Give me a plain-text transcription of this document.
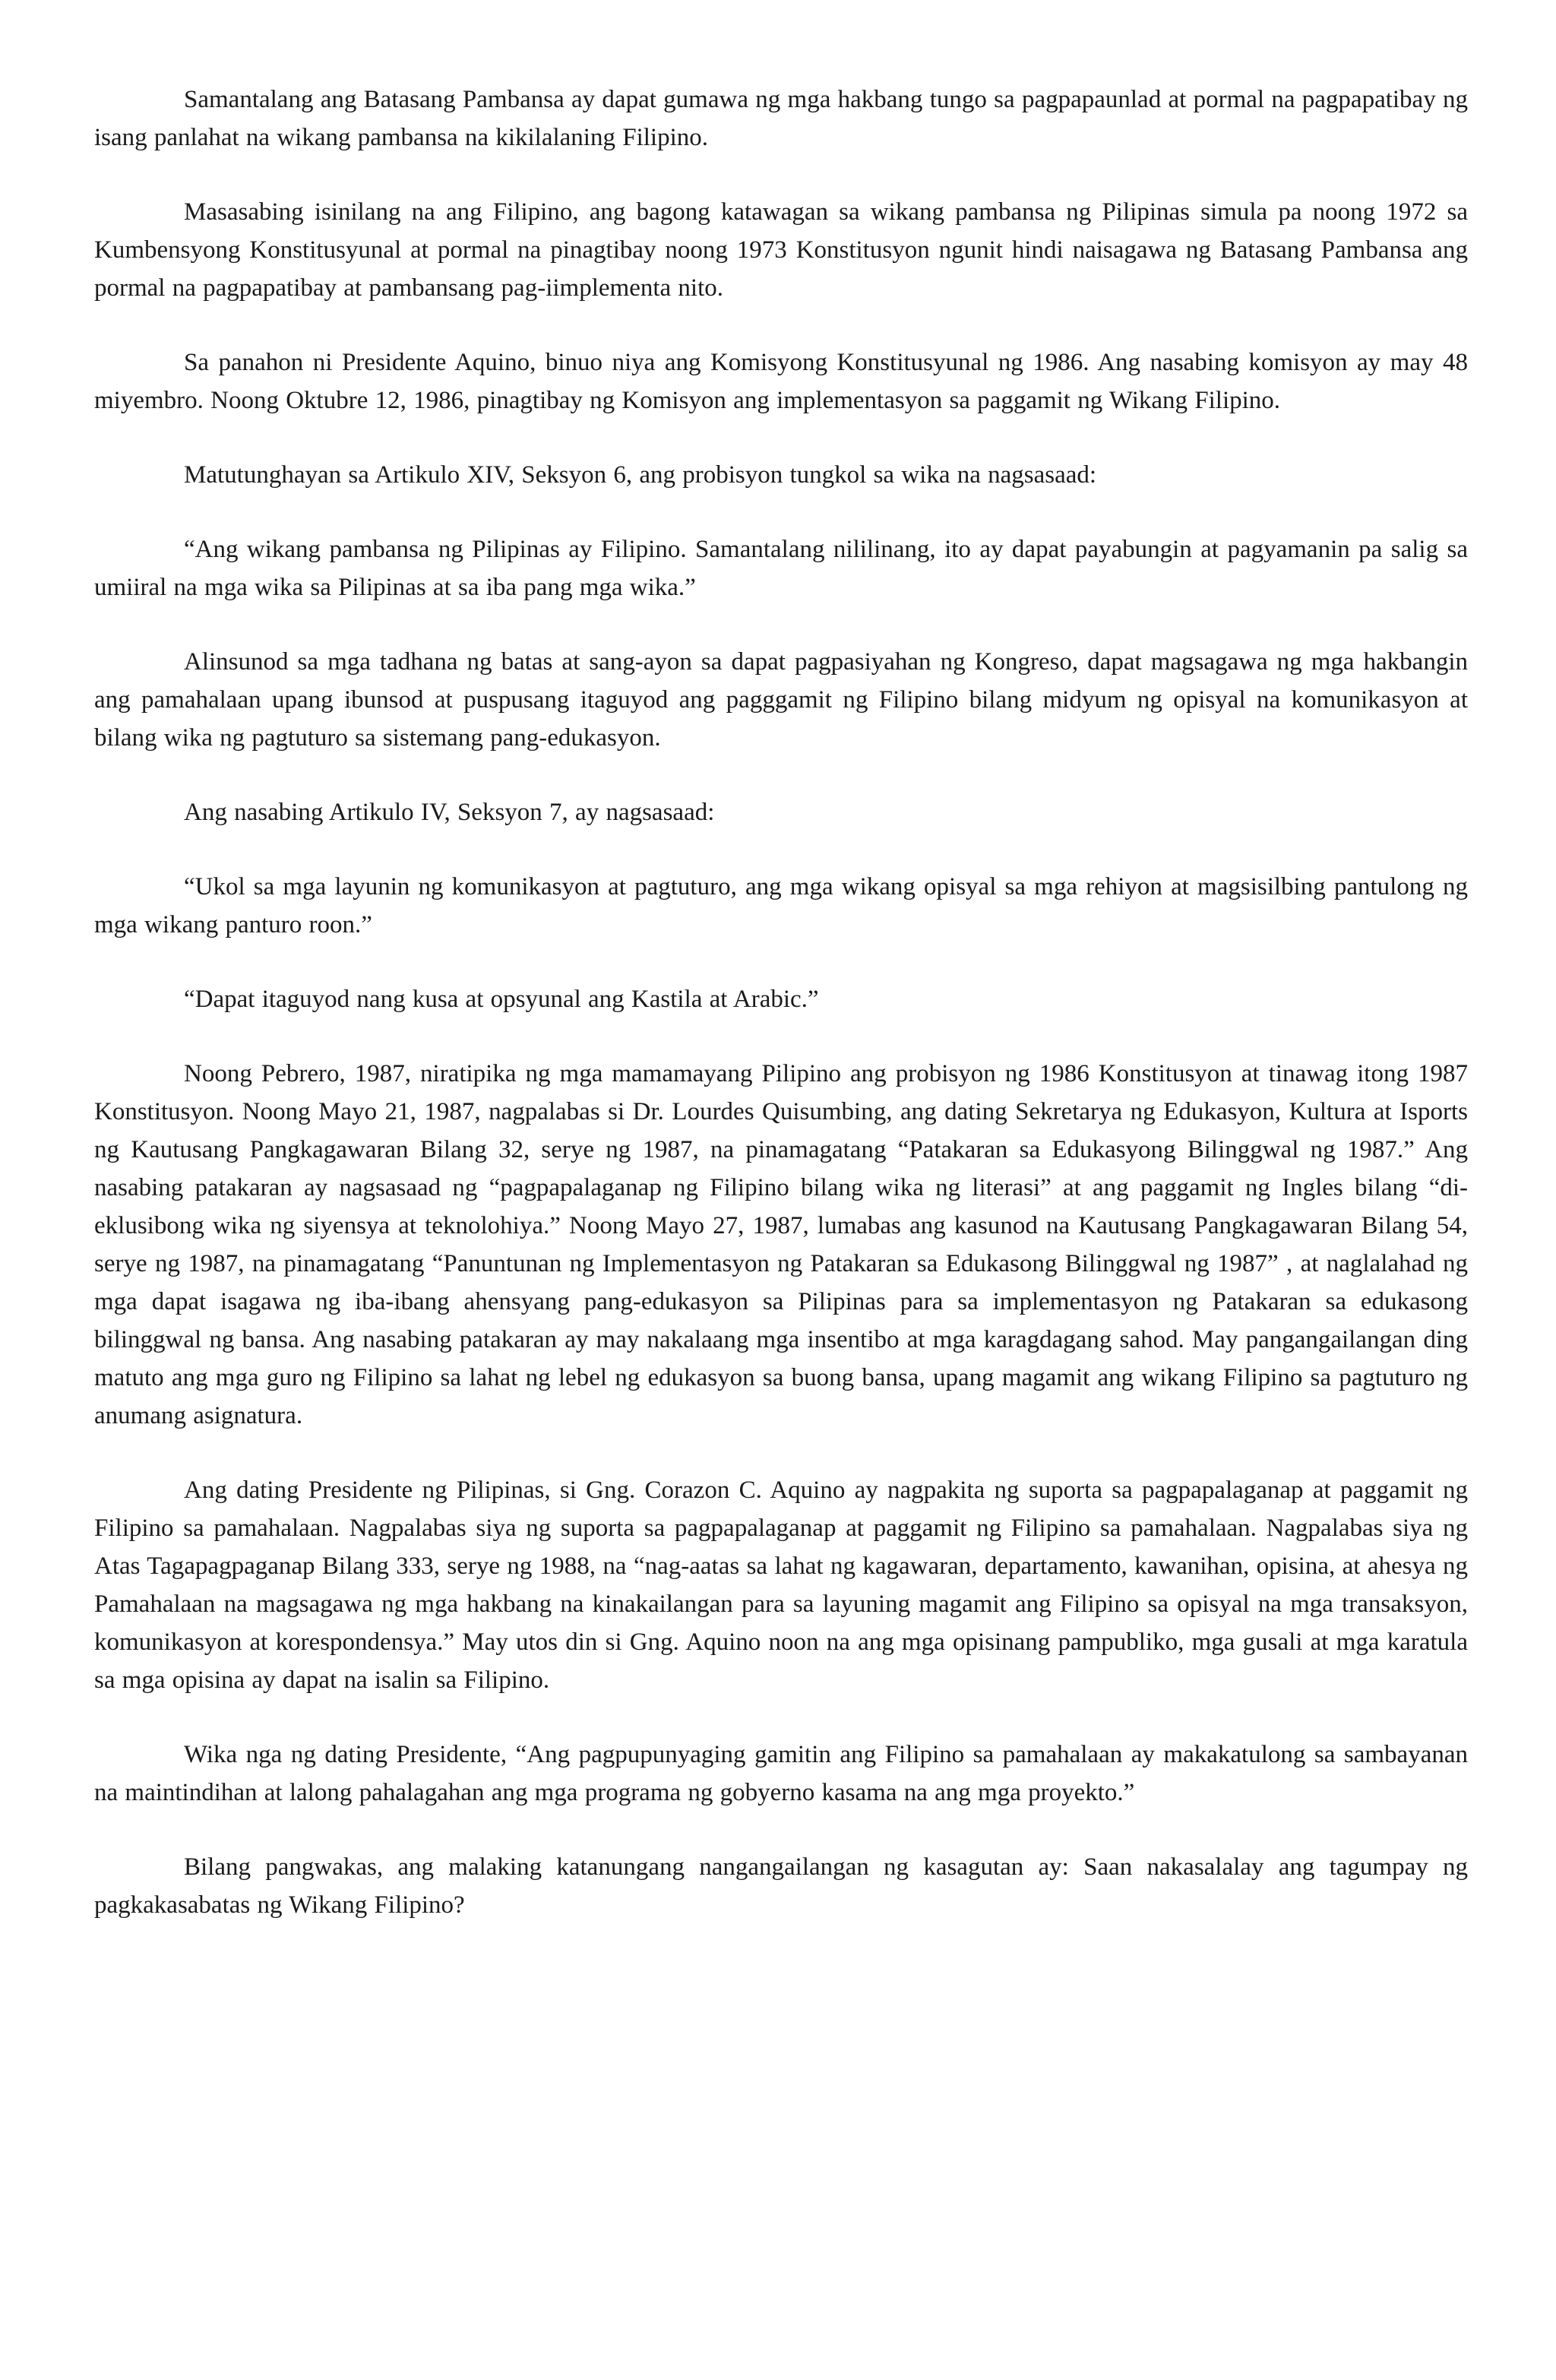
Samantalang ang Batasang Pambansa ay dapat gumawa ng mga hakbang tungo sa pagpapaunlad at pormal na pagpapatibay ng isang panlahat na wikang pambansa na kikilalaning Filipino.

Masasabing isinilang na ang Filipino, ang bagong katawagan sa wikang pambansa ng Pilipinas simula pa noong 1972 sa Kumbensyong Konstitusyunal at pormal na pinagtibay noong 1973 Konstitusyon ngunit hindi naisagawa ng Batasang Pambansa ang pormal na pagpapatibay at pambansang pag-iimplementa nito.

Sa panahon ni Presidente Aquino, binuo niya ang Komisyong Konstitusyunal ng 1986. Ang nasabing komisyon ay may 48 miyembro. Noong Oktubre 12, 1986, pinagtibay ng Komisyon ang implementasyon sa paggamit ng Wikang Filipino.

Matutunghayan sa Artikulo XIV, Seksyon 6, ang probisyon tungkol sa wika na nagsasaad:

“Ang wikang pambansa ng Pilipinas ay Filipino. Samantalang nililinang, ito ay dapat payabungin at pagyamanin pa salig sa umiiral na mga wika sa Pilipinas at sa iba pang mga wika.”

Alinsunod sa mga tadhana ng batas at sang-ayon sa dapat pagpasiyahan ng Kongreso, dapat magsagawa ng mga hakbangin ang pamahalaan upang ibunsod at puspusang itaguyod ang pagggamit ng Filipino bilang midyum ng opisyal na komunikasyon at bilang wika ng pagtuturo sa sistemang pang-edukasyon.

Ang nasabing Artikulo IV, Seksyon 7, ay nagsasaad:

“Ukol sa mga layunin ng komunikasyon at pagtuturo, ang mga wikang opisyal sa mga rehiyon at magsisilbing pantulong ng mga wikang panturo roon.”

“Dapat itaguyod nang kusa at opsyunal ang Kastila at Arabic.”

Noong Pebrero, 1987, niratipika ng mga mamamayang Pilipino ang probisyon ng 1986 Konstitusyon at tinawag itong 1987 Konstitusyon. Noong Mayo 21, 1987, nagpalabas si Dr. Lourdes Quisumbing, ang dating Sekretarya ng Edukasyon, Kultura at Isports ng Kautusang Pangkagawaran Bilang 32, serye ng 1987, na pinamagatang “Patakaran sa Edukasyong Bilinggwal ng 1987.” Ang nasabing patakaran ay nagsasaad ng “pagpapalaganap ng Filipino bilang wika ng literasi” at ang paggamit ng Ingles bilang “di-eklusibong wika ng siyensya at teknolohiya.” Noong Mayo 27, 1987, lumabas ang kasunod na Kautusang Pangkagawaran Bilang 54, serye ng 1987, na pinamagatang “Panuntunan ng Implementasyon ng Patakaran sa Edukasong Bilinggwal ng 1987” , at naglalahad ng mga dapat isagawa ng iba-ibang ahensyang pang-edukasyon sa Pilipinas para sa implementasyon ng Patakaran sa edukasong bilinggwal ng bansa. Ang nasabing patakaran ay may nakalaang mga insentibo at mga karagdagang sahod. May pangangailangan ding matuto ang mga guro ng Filipino sa lahat ng lebel ng edukasyon sa buong bansa, upang magamit ang wikang Filipino sa pagtuturo ng anumang asignatura.

Ang dating Presidente ng Pilipinas, si Gng. Corazon C. Aquino ay nagpakita ng suporta sa pagpapalaganap at paggamit ng Filipino sa pamahalaan. Nagpalabas siya ng suporta sa pagpapalaganap at paggamit ng Filipino sa pamahalaan. Nagpalabas siya ng Atas Tagapagpaganap Bilang 333, serye ng 1988, na “nag-aatas sa lahat ng kagawaran, departamento, kawanihan, opisina, at ahesya ng Pamahalaan na magsagawa ng mga hakbang na kinakailangan para sa layuning magamit ang Filipino sa opisyal na mga transaksyon, komunikasyon at korespondensya.” May utos din si Gng. Aquino noon na ang mga opisinang pampubliko, mga gusali at mga karatula sa mga opisina ay dapat na isalin sa Filipino.

Wika nga ng dating Presidente, “Ang pagpupunyaging gamitin ang Filipino sa pamahalaan ay makakatulong sa sambayanan na maintindihan at lalong pahalagahan ang mga programa ng gobyerno kasama na ang mga proyekto.”

Bilang pangwakas, ang malaking katanungang nangangailangan ng kasagutan ay: Saan nakasalalay ang tagumpay ng pagkakasabatas ng Wikang Filipino?
